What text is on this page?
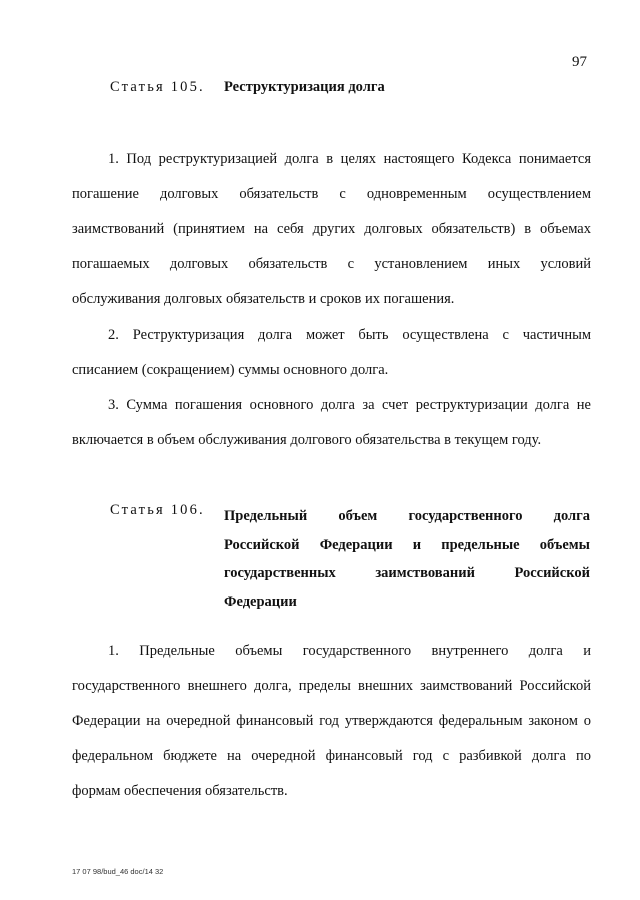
97
Статья 105.	Реструктуризация долга
1. Под реструктуризацией долга в целях настоящего Кодекса понимается
погашение долговых обязательств с одновременным осуществлением
заимствований (принятием на себя других долговых обязательств) в объемах
погашаемых долговых обязательств с установлением иных условий
обслуживания долговых обязательств и сроков их погашения.
2. Реструктуризация долга может быть осуществлена с частичным
списанием (сокращением) суммы основного долга.
3. Сумма погашения основного долга за счет реструктуризации долга не
включается в объем обслуживания долгового обязательства в текущем году.
Статья 106.	Предельный объем государственного долга
Российской Федерации и предельные объемы
государственных заимствований Российской
Федерации
1. Предельные объемы государственного внутреннего долга и
государственного внешнего долга, пределы внешних заимствований Российской
Федерации на очередной финансовый год утверждаются федеральным законом о
федеральном бюджете на очередной финансовый год с разбивкой долга по
формам обеспечения обязательств.
17 07 98/bud_46 doc/14 32
